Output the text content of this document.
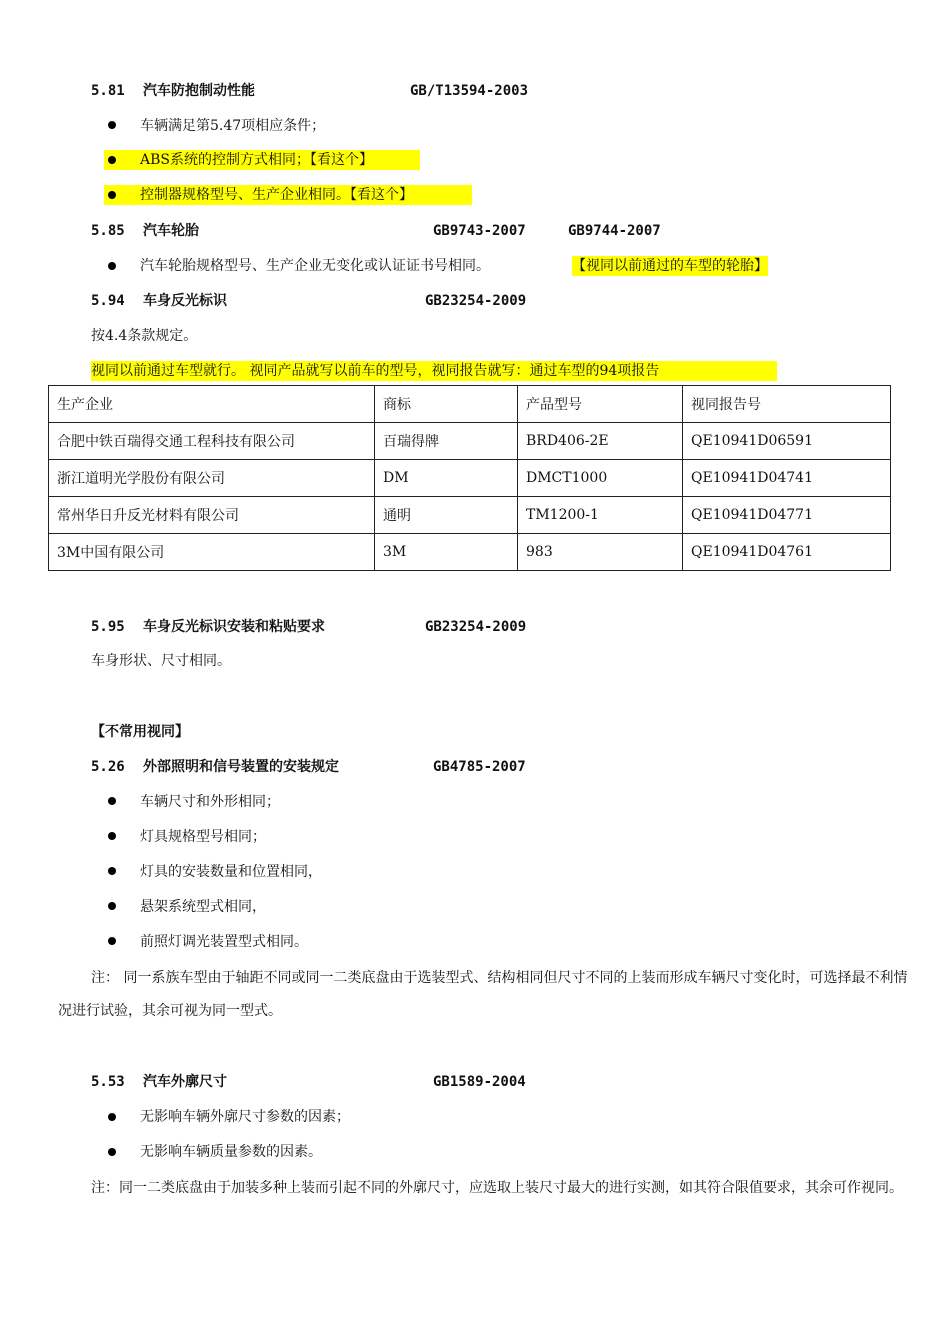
5.81 汽车防抱制动性能	GB/T13594-2003
车辆满足第5.47项相应条件；
ABS系统的控制方式相同；【看这个】
控制器规格型号、生产企业相同。【看这个】
5.85 汽车轮胎	GB9743-2007	GB9744-2007
汽车轮胎规格型号、生产企业无变化或认证证书号相同。	【视同以前通过的车型的轮胎】
5.94 车身反光标识	GB23254-2009
按4.4条款规定。
视同以前通过车型就行。 视同产品就写以前车的型号，视同报告就写：通过车型的94项报告
生产企业	商标	产品型号	视同报告号
合肥中铁百瑞得交通工程科技有限公司	百瑞得牌	BRD406-2E	QE10941D06591
浙江道明光学股份有限公司	DM	DMCT1000	QE10941D04741
常州华日升反光材料有限公司	通明	TM1200-1	QE10941D04771
3M中国有限公司	3M	983	QE10941D04761
5.95 车身反光标识安装和粘贴要求	GB23254-2009
车身形状、尺寸相同。
【不常用视同】
5.26 外部照明和信号装置的安装规定	GB4785-2007
车辆尺寸和外形相同；
灯具规格型号相同；
灯具的安装数量和位置相同，
悬架系统型式相同，
前照灯调光装置型式相同。
注： 同一系族车型由于轴距不同或同一二类底盘由于选装型式、结构相同但尺寸不同的上装而形成车辆尺寸变化时，可选择最不利情况进行试验，其余可视为同一型式。
5.53 汽车外廓尺寸	GB1589-2004
无影响车辆外廓尺寸参数的因素；
无影响车辆质量参数的因素。
注：同一二类底盘由于加装多种上装而引起不同的外廓尺寸，应选取上装尺寸最大的进行实测，如其符合限值要求，其余可作视同。
